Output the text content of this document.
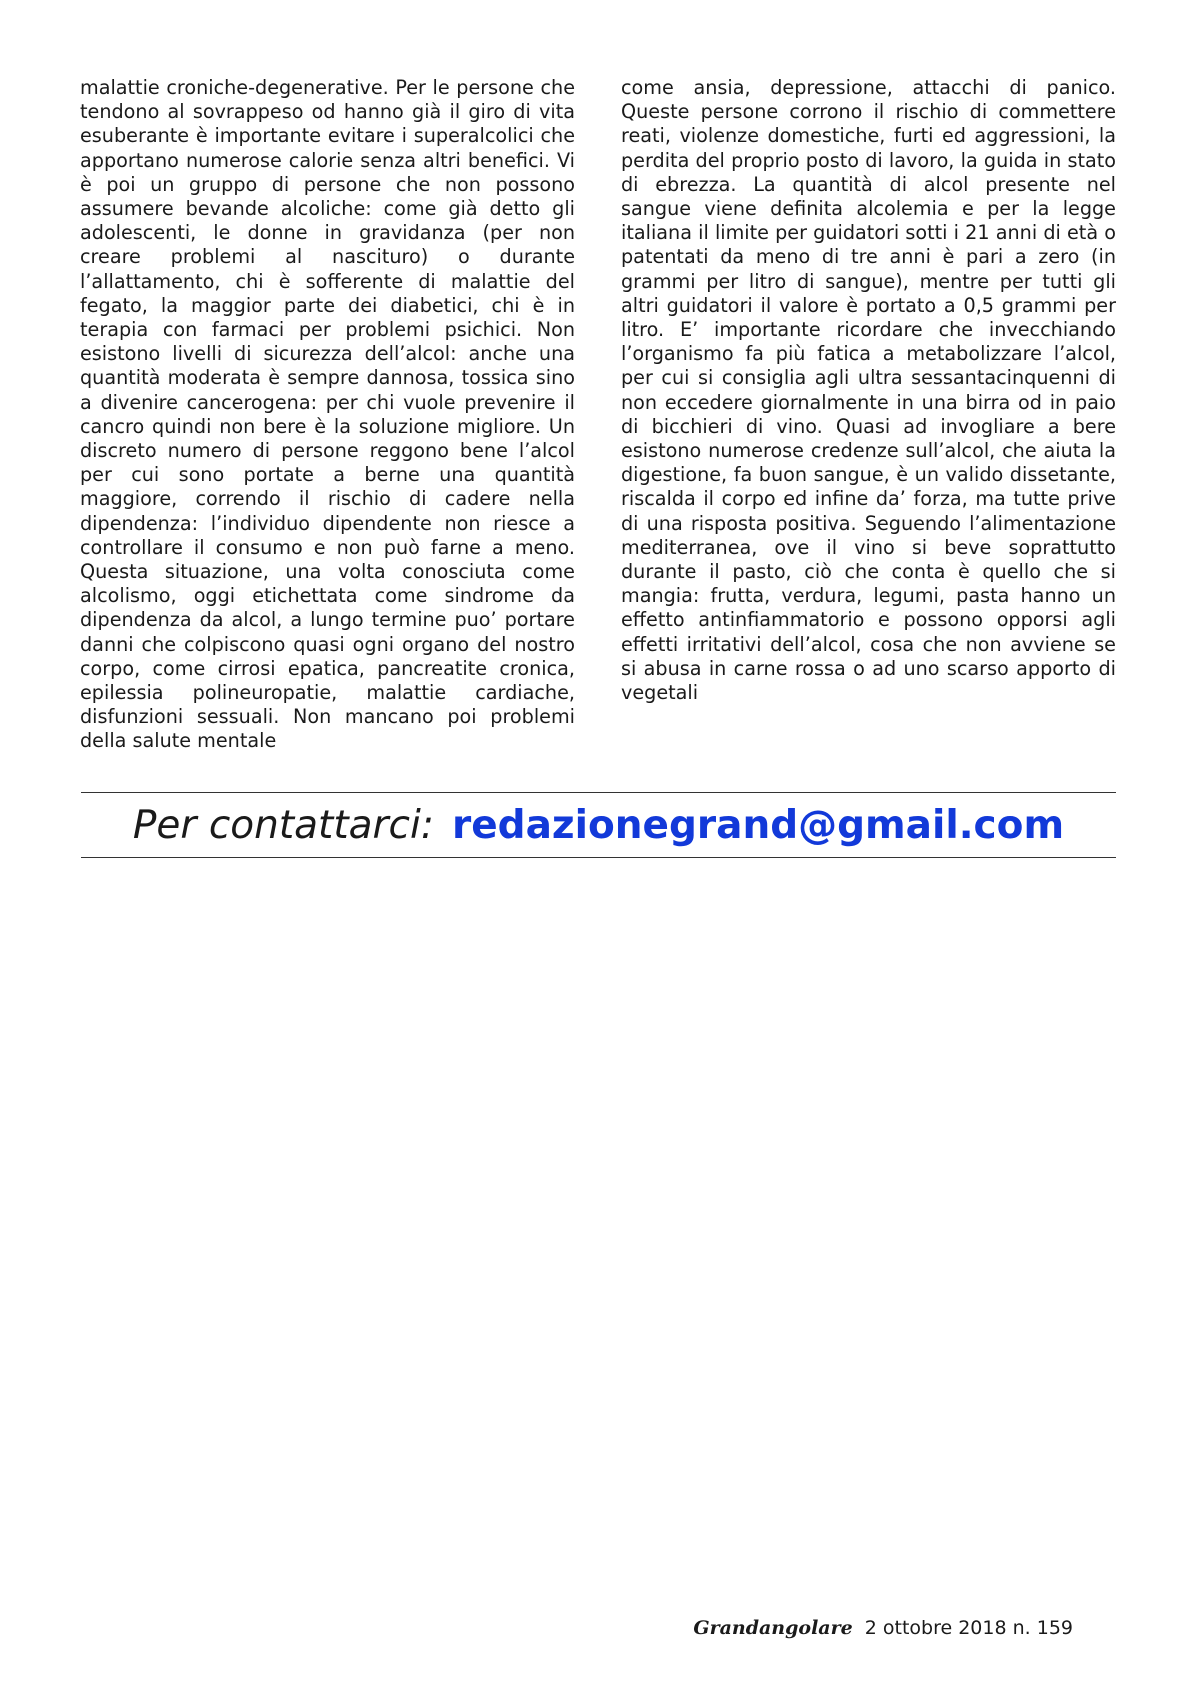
malattie croniche-degenerative. Per le persone che tendono al sovrappeso od hanno già il giro di vita esuberante è importante evitare i superalcolici che apportano numerose calorie senza altri benefici. Vi è poi un gruppo di persone che non possono assumere bevande alcoliche: come già detto gli adolescenti, le donne in gravidanza (per non creare problemi al nascituro) o durante l’allattamento, chi è sofferente di malattie del fegato, la maggior parte dei diabetici, chi è in terapia con farmaci per problemi psichici. Non esistono livelli di sicurezza dell’alcol: anche una quantità moderata è sempre dannosa, tossica sino a divenire cancerogena: per chi vuole prevenire il cancro quindi non bere è la soluzione migliore. Un discreto numero di persone reggono bene l’alcol per cui sono portate a berne una quantità maggiore, correndo il rischio di cadere nella dipendenza: l’individuo dipendente non riesce a controllare il consumo e non può farne a meno. Questa situazione, una volta conosciuta come alcolismo, oggi etichettata come sindrome da dipendenza da alcol, a lungo termine puo’ portare danni che colpiscono quasi ogni organo del nostro corpo, come cirrosi epatica, pancreatite cronica, epilessia polineuropatie, malattie cardiache, disfunzioni sessuali. Non mancano poi problemi della salute mentale

come ansia, depressione, attacchi di panico. Queste persone corrono il rischio di commettere reati, violenze domestiche, furti ed aggressioni, la perdita del proprio posto di lavoro, la guida in stato di ebrezza. La quantità di alcol presente nel sangue viene definita alcolemia e per la legge italiana il limite per guidatori sotti i 21 anni di età o patentati da meno di tre anni è pari a zero (in grammi per litro di sangue), mentre per tutti gli altri guidatori il valore è portato a 0,5 grammi per litro. E’ importante ricordare che invecchiando l’organismo fa più fatica a metabolizzare l’alcol, per cui si consiglia agli ultra sessantacinquenni di non eccedere giornalmente in una birra od in paio di bicchieri di vino. Quasi ad invogliare a bere esistono numerose credenze sull’alcol, che aiuta la digestione, fa buon sangue, è un valido dissetante, riscalda il corpo ed infine da’ forza, ma tutte prive di una risposta positiva. Seguendo l’alimentazione mediterranea, ove il vino si beve soprattutto durante il pasto, ciò che conta è quello che si mangia: frutta, verdura, legumi, pasta hanno un effetto antinfiammatorio e possono opporsi agli effetti irritativi dell’alcol, cosa che non avviene se si abusa in carne rossa o ad uno scarso apporto di vegetali

Per contattarci: redazionegrand@gmail.com
Grandangolare 2 ottobre 2018 n. 159
